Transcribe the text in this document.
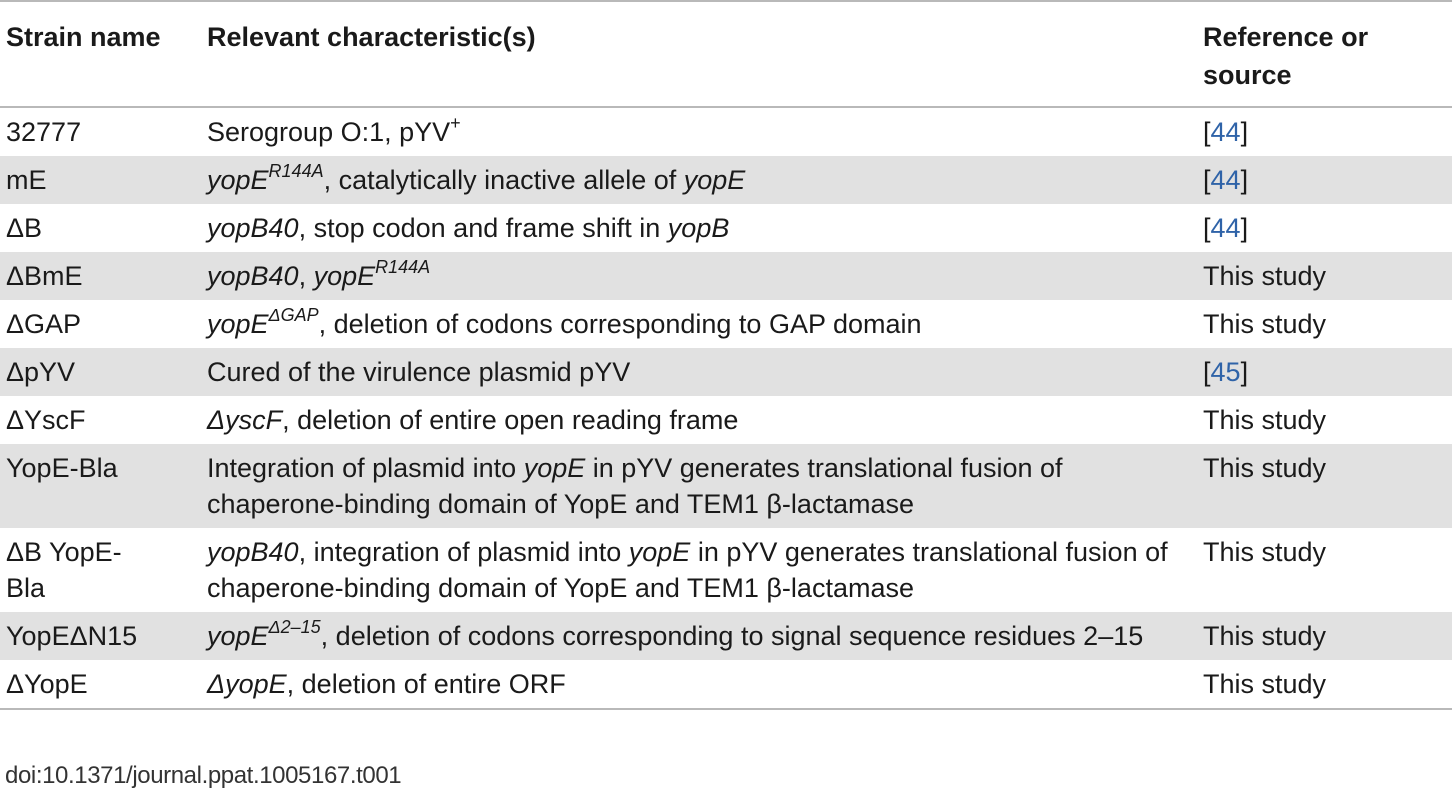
Strain name	Relevant characteristic(s)	Reference or source
32777	Serogroup O:1, pYV+	[44]
mE	yopE$^{R144A}$, catalytically inactive allele of yopE	[44]
ΔB	yopB40, stop codon and frame shift in yopB	[44]
ΔBmE	yopB40, yopE$^{R144A}$	This study
ΔGAP	yopE$^{\Delta GAP}$, deletion of codons corresponding to GAP domain	This study
ΔpYV	Cured of the virulence plasmid pYV	[45]
ΔYscF	ΔyscF, deletion of entire open reading frame	This study
YopE-Bla	Integration of plasmid into yopE in pYV generates translational fusion of chaperone-binding domain of YopE and TEM1 β-lactamase	This study
ΔB YopE-Bla	yopB40, integration of plasmid into yopE in pYV generates translational fusion of chaperone-binding domain of YopE and TEM1 β-lactamase	This study
YopEΔN15	yopE$^{\Delta 2-15}$, deletion of codons corresponding to signal sequence residues 2–15	This study
ΔYopE	ΔyopE, deletion of entire ORF	This study
doi:10.1371/journal.ppat.1005167.t001
